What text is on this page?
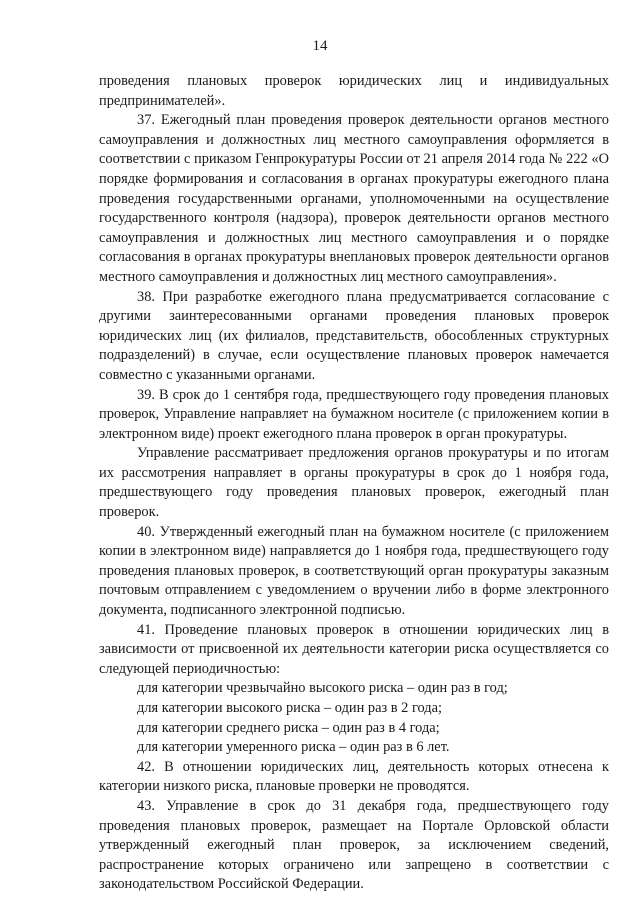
14

проведения плановых проверок юридических лиц и индивидуальных предпринимателей».

37. Ежегодный план проведения проверок деятельности органов местного самоуправления и должностных лиц местного самоуправления оформляется в соответствии с приказом Генпрокуратуры России от 21 апреля 2014 года № 222 «О порядке формирования и согласования в органах прокуратуры ежегодного плана проведения государственными органами, уполномоченными на осуществление государственного контроля (надзора), проверок деятельности органов местного самоуправления и должностных лиц местного самоуправления и о порядке согласования в органах прокуратуры внеплановых проверок деятельности органов местного самоуправления и должностных лиц местного самоуправления».

38. При разработке ежегодного плана предусматривается согласование с другими заинтересованными органами проведения плановых проверок юридических лиц (их филиалов, представительств, обособленных структурных подразделений) в случае, если осуществление плановых проверок намечается совместно с указанными органами.

39. В срок до 1 сентября года, предшествующего году проведения плановых проверок, Управление направляет на бумажном носителе (с приложением копии в электронном виде) проект ежегодного плана проверок в орган прокуратуры.

Управление рассматривает предложения органов прокуратуры и по итогам их рассмотрения направляет в органы прокуратуры в срок до 1 ноября года, предшествующего году проведения плановых проверок, ежегодный план проверок.

40. Утвержденный ежегодный план на бумажном носителе (с приложением копии в электронном виде) направляется до 1 ноября года, предшествующего году проведения плановых проверок, в соответствующий орган прокуратуры заказным почтовым отправлением с уведомлением о вручении либо в форме электронного документа, подписанного электронной подписью.

41. Проведение плановых проверок в отношении юридических лиц в зависимости от присвоенной их деятельности категории риска осуществляется со следующей периодичностью:

для категории чрезвычайно высокого риска – один раз в год;

для категории высокого риска – один раз в 2 года;

для категории среднего риска – один раз в 4 года;

для категории умеренного риска – один раз в 6 лет.

42. В отношении юридических лиц, деятельность которых отнесена к категории низкого риска, плановые проверки не проводятся.

43. Управление в срок до 31 декабря года, предшествующего году проведения плановых проверок, размещает на Портале Орловской области утвержденный ежегодный план проверок, за исключением сведений, распространение которых ограничено или запрещено в соответствии с законодательством Российской Федерации.
